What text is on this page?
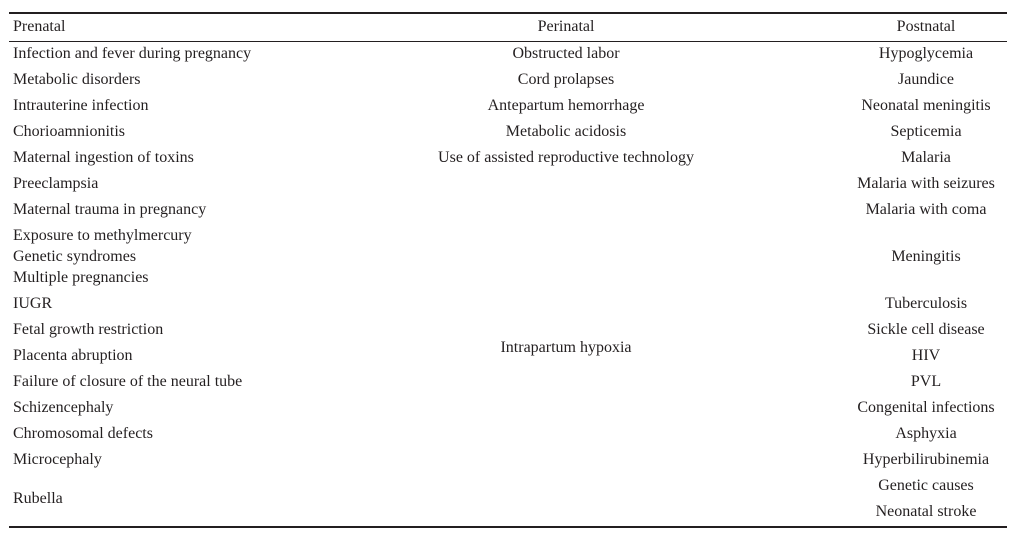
Prenatal	Perinatal	Postnatal
Infection and fever during pregnancy
Metabolic disorders
Intrauterine infection
Chorioamnionitis
Maternal ingestion of toxins
Preeclampsia
Maternal trauma in pregnancy
Exposure to methylmercury
Genetic syndromes
Multiple pregnancies
IUGR
Fetal growth restriction
Placenta abruption
Failure of closure of the neural tube
Schizencephaly
Chromosomal defects
Microcephaly
Rubella
Obstructed labor
Cord prolapses
Antepartum hemorrhage
Metabolic acidosis
Use of assisted reproductive technology
Intrapartum hypoxia
Hypoglycemia
Jaundice
Neonatal meningitis
Septicemia
Malaria
Malaria with seizures
Malaria with coma
Meningitis
Tuberculosis
Sickle cell disease
HIV
PVL
Congenital infections
Asphyxia
Hyperbilirubinemia
Genetic causes
Neonatal stroke
